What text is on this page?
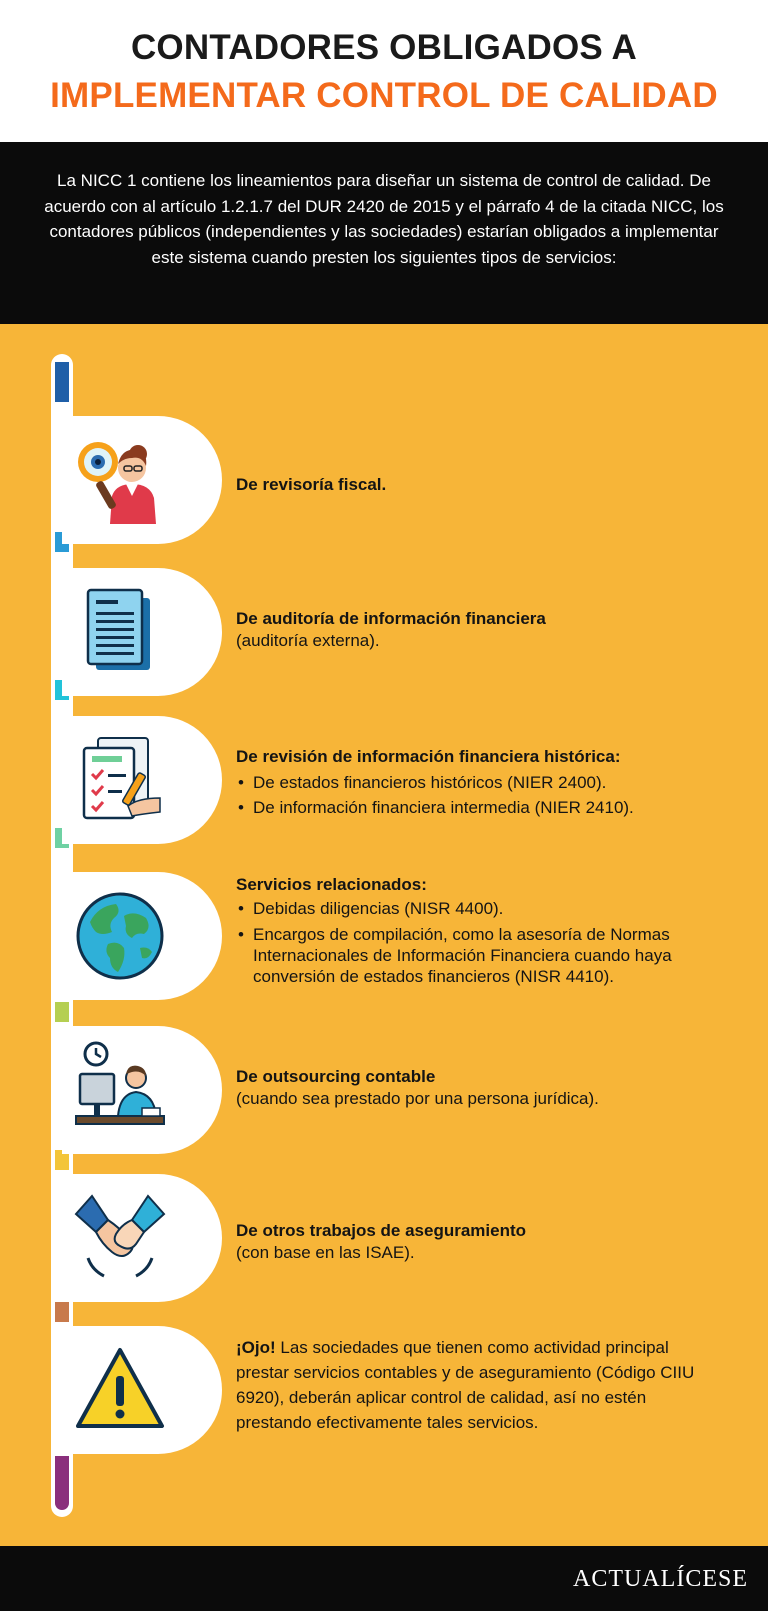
CONTADORES OBLIGADOS A
IMPLEMENTAR CONTROL DE CALIDAD

La NICC 1 contiene los lineamientos para diseñar un sistema de control de calidad. De acuerdo con al artículo 1.2.1.7 del DUR 2420 de 2015 y el párrafo 4 de la citada NICC, los contadores públicos (independientes y las sociedades) estarían obligados a implementar este sistema cuando presten los siguientes tipos de servicios:

De revisoría fiscal.
De auditoría de información financiera
(auditoría externa).
De revisión de información financiera histórica:
• De estados financieros históricos (NIER 2400).
• De información financiera intermedia (NIER 2410).
Servicios relacionados:
• Debidas diligencias (NISR 4400).
• Encargos de compilación, como la asesoría de Normas Internacionales de Información Financiera cuando haya conversión de estados financieros (NISR 4410).
De outsourcing contable
(cuando sea prestado por una persona jurídica).
De otros trabajos de aseguramiento
(con base en las ISAE).
¡Ojo! Las sociedades que tienen como actividad principal prestar servicios contables y de aseguramiento (Código CIIU 6920), deberán aplicar control de calidad, así no estén prestando efectivamente tales servicios.
ACTUALÍCESE
